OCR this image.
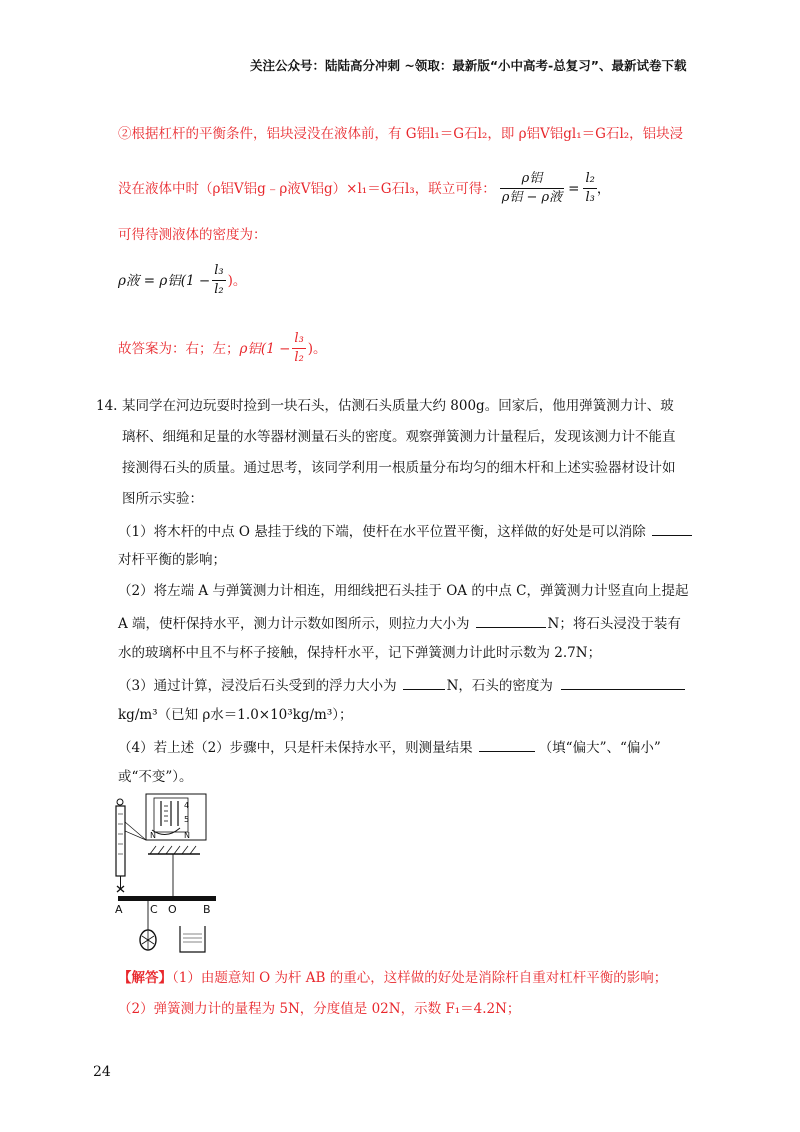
关注公众号：陆陆高分冲刺 ~领取：最新版“小中高考-总复习”、最新试卷下载
②根据杠杆的平衡条件，铝块浸没在液体前，有 G铝l₁＝G石l₂，即 ρ铝V铝gl₁＝G石l₂，铝块浸
没在液体中时（ρ铝V铝g﹣ρ液V铝g）×l₁＝G石l₃，联立可得： $\frac{\text{ρ铝}}{\text{ρ铝 − ρ液}} = \frac{\text{l₂}}{\text{l₃}}$ ，
可得待测液体的密度为：
ρ液 = ρ铝($1 - \frac{\text{l₃}}{\text{l₂}}$ )。
故答案为：右；左； ρ铝($1 - \frac{\text{l₃}}{\text{l₂}}$ )。
14. 某同学在河边玩耍时捡到一块石头，估测石头质量大约 800g。回家后，他用弹簧测力计、玻
璃杯、细绳和足量的水等器材测量石头的密度。观察弹簧测力计量程后，发现该测力计不能直
接测得石头的质量。通过思考，该同学利用一根质量分布均匀的细木杆和上述实验器材设计如
图所示实验：
（1）将木杆的中点 O 悬挂于线的下端，使杆在水平位置平衡，这样做的好处是可以消除
对杆平衡的影响；
（2）将左端 A 与弹簧测力计相连，用细线把石头挂于 OA 的中点 C，弹簧测力计竖直向上提起
A 端，使杆保持水平，测力计示数如图所示，则拉力大小为	N；将石头浸没于装有
水的玻璃杯中且不与杯子接触，保持杆水平，记下弹簧测力计此时示数为 2.7N；
（3）通过计算，浸没后石头受到的浮力大小为	N，石头的密度为
kg/m³（已知 ρ水＝1.0×10³kg/m³）；
（4）若上述（2）步骤中，只是杆未保持水平，则测量结果	（填“偏大”、“偏小”
或“不变”）。
4
5
N	N
A C O B
【解答】（1）由题意知 O 为杆 AB 的重心，这样做的好处是消除杆自重对杠杆平衡的影响；
（2）弹簧测力计的量程为 5N，分度值是 02N，示数 F₁＝4.2N；
24
